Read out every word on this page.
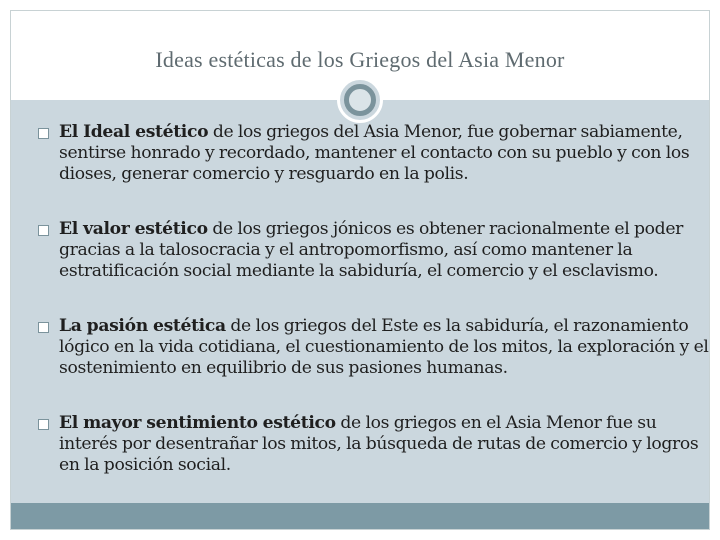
Ideas estéticas de los Griegos del Asia Menor
El Ideal estético de los griegos del Asia Menor, fue gobernar sabiamente, sentirse honrado y recordado, mantener el contacto con su pueblo y con los dioses, generar comercio y resguardo en la polis.
El valor estético de los griegos jónicos es obtener racionalmente el poder gracias a la talosocracia y el antropomorfismo, así como mantener la estratificación social mediante la sabiduría, el comercio y el esclavismo.
La pasión estética de los griegos del Este es la sabiduría, el razonamiento lógico en la vida cotidiana, el cuestionamiento de los mitos, la exploración y el sostenimiento en equilibrio de sus pasiones humanas.
El mayor sentimiento estético de los griegos en el Asia Menor fue su interés por desentrañar los mitos, la búsqueda de rutas de comercio y logros en la posición social.
